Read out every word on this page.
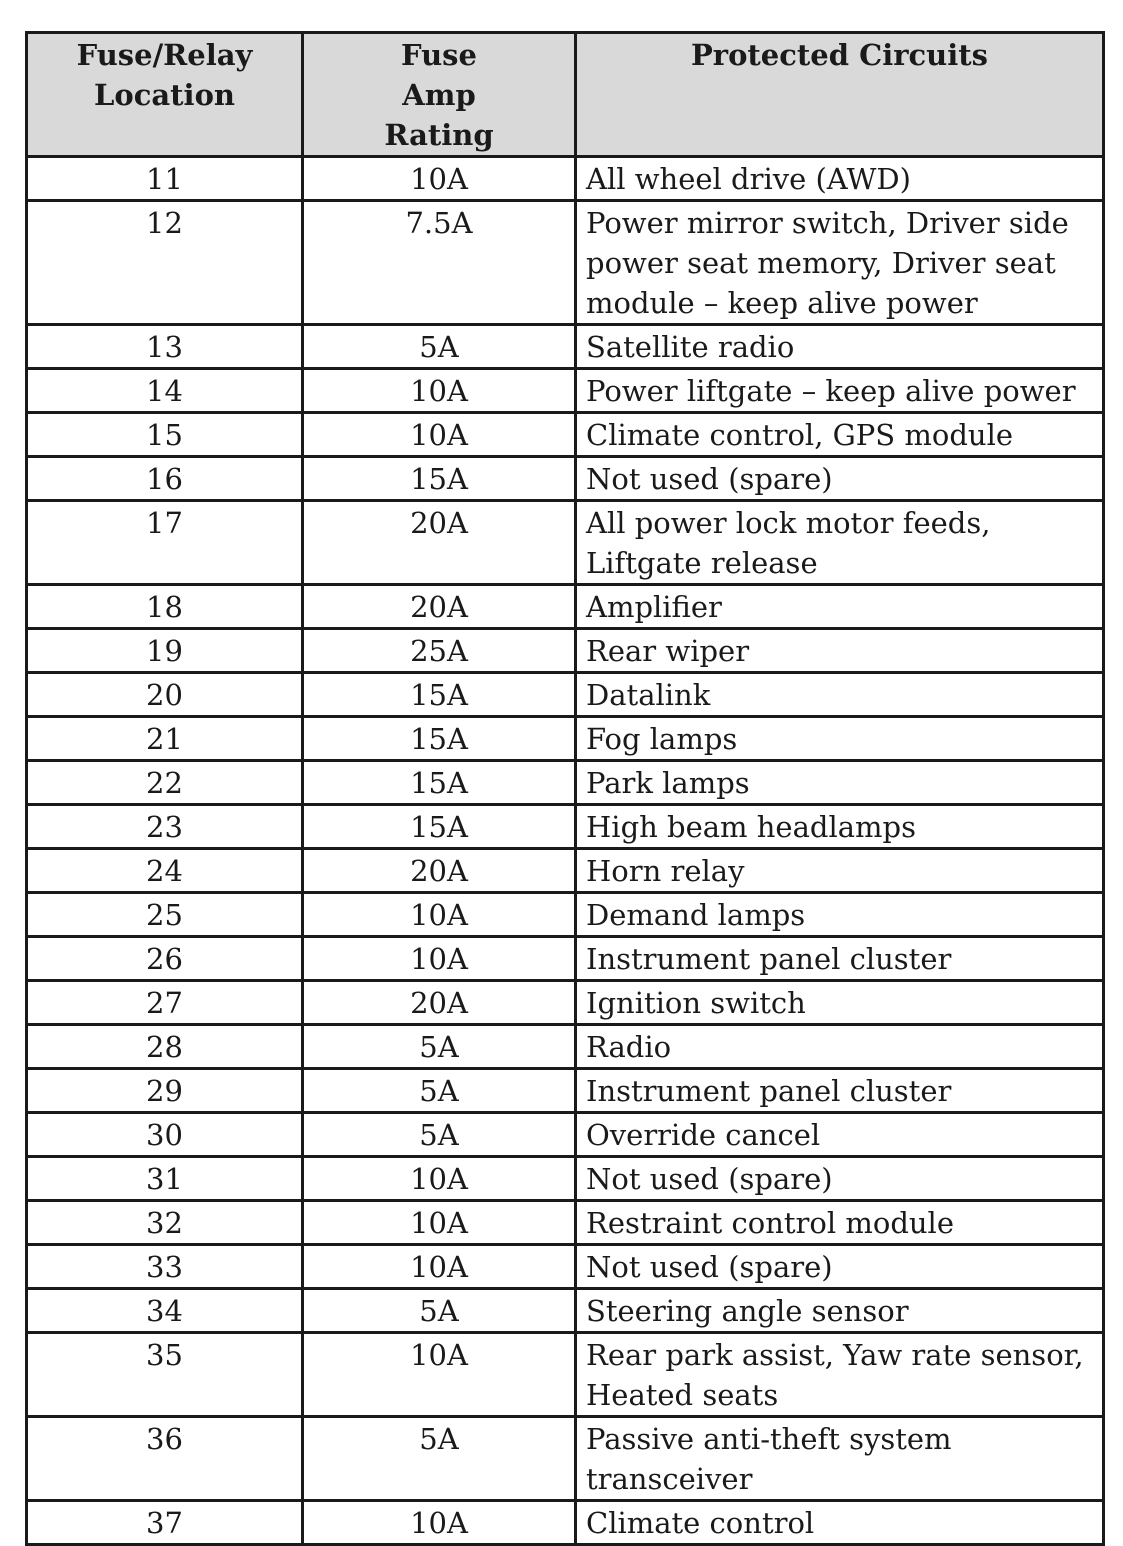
Fuse/Relay Location	Fuse Amp Rating	Protected Circuits
11	10A	All wheel drive (AWD)
12	7.5A	Power mirror switch, Driver side power seat memory, Driver seat module – keep alive power
13	5A	Satellite radio
14	10A	Power liftgate – keep alive power
15	10A	Climate control, GPS module
16	15A	Not used (spare)
17	20A	All power lock motor feeds, Liftgate release
18	20A	Amplifier
19	25A	Rear wiper
20	15A	Datalink
21	15A	Fog lamps
22	15A	Park lamps
23	15A	High beam headlamps
24	20A	Horn relay
25	10A	Demand lamps
26	10A	Instrument panel cluster
27	20A	Ignition switch
28	5A	Radio
29	5A	Instrument panel cluster
30	5A	Override cancel
31	10A	Not used (spare)
32	10A	Restraint control module
33	10A	Not used (spare)
34	5A	Steering angle sensor
35	10A	Rear park assist, Yaw rate sensor, Heated seats
36	5A	Passive anti-theft system transceiver
37	10A	Climate control
